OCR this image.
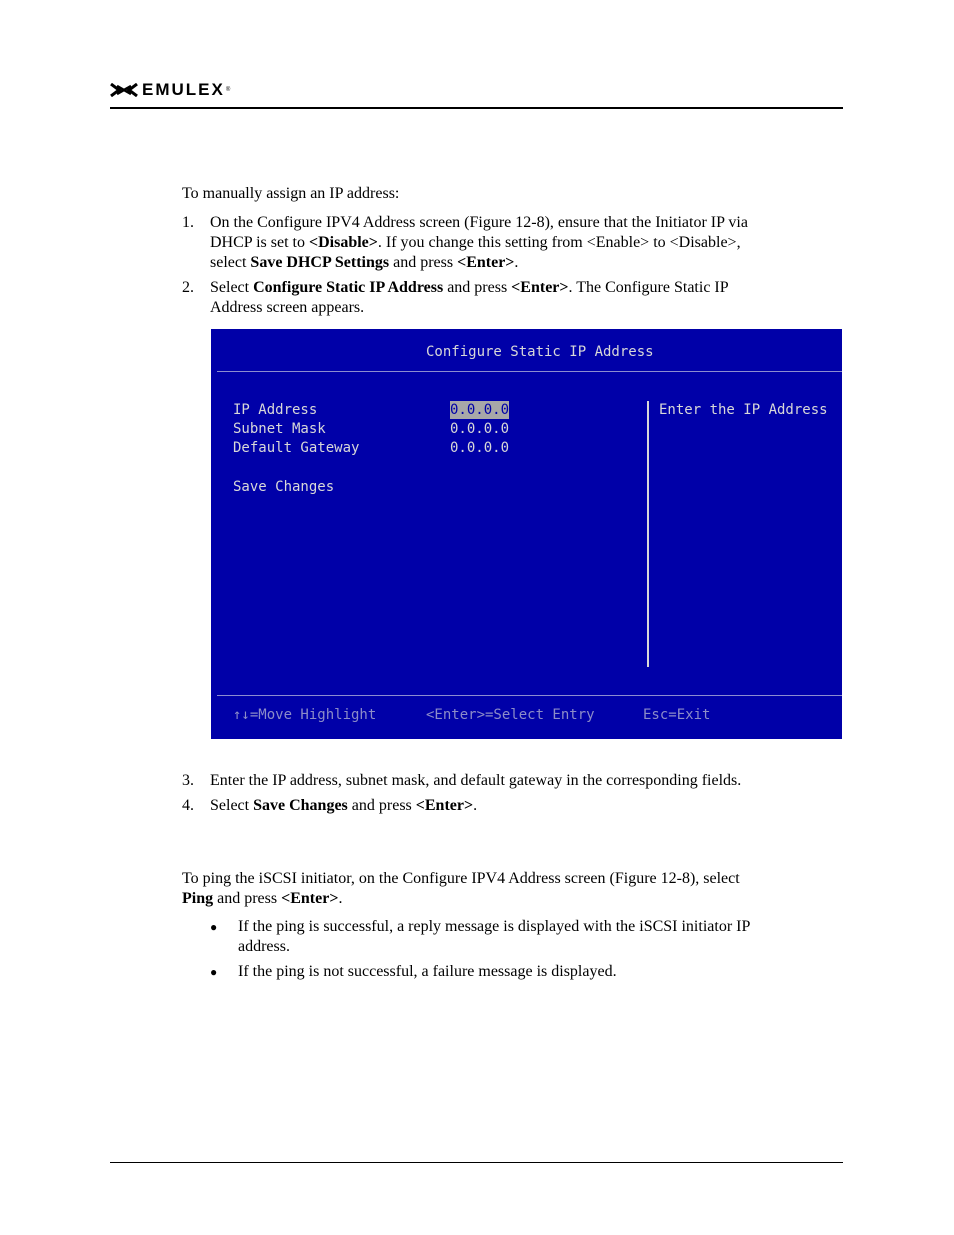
EMULEX ®
To manually assign an IP address:
1. On the Configure IPV4 Address screen (Figure 12-8), ensure that the Initiator IP via
DHCP is set to <Disable>. If you change this setting from <Enable> to <Disable>,
select Save DHCP Settings and press <Enter>.
2. Select Configure Static IP Address and press <Enter>. The Configure Static IP
Address screen appears.
Configure Static IP Address
IP Address	0.0.0.0
Subnet Mask	0.0.0.0
Default Gateway	0.0.0.0
Save Changes
Enter the IP Address
↑↓=Move Highlight	<Enter>=Select Entry	Esc=Exit
3. Enter the IP address, subnet mask, and default gateway in the corresponding fields.
4. Select Save Changes and press <Enter>.
To ping the iSCSI initiator, on the Configure IPV4 Address screen (Figure 12-8), select
Ping and press <Enter>.
● If the ping is successful, a reply message is displayed with the iSCSI initiator IP
address.
● If the ping is not successful, a failure message is displayed.
